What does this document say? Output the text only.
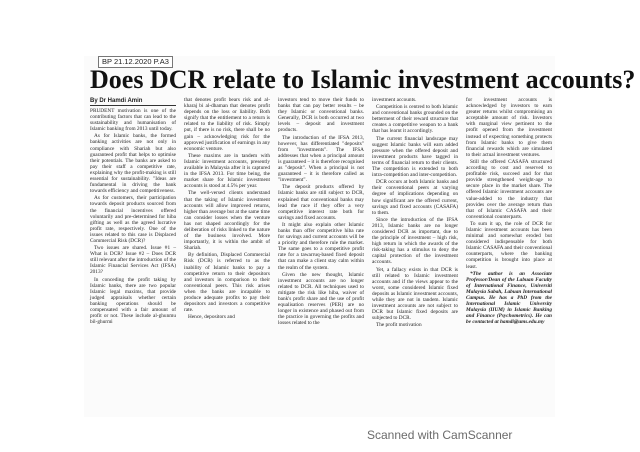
BP 21.12.2020 P.A3
Does DCR relate to Islamic investment accounts?
By Dr Hamdi Amin

PRUDENT motivation is one of the contributing factors that can lead to the sustainability and humanisation of Islamic banking from 2013 until today.

As for Islamic banks, the formed banking activities are not only in compliance with Shariah but also guaranteed profit that helps to optimise their potentials. The banks are asked to pay their staff a competitive rate, explaining why the profit-making is still essential for sustainability. "Ideas are fundamental in driving the bank towards efficiency and competitiveness.

As for customers, their participation towards deposit products sourced from the financial incentives offered voluntarily and pre-determined for hiba gifting as well as the agreed lucrative profit rate, respectively. One of the issues related to this case is Displaced Commercial Risk (DCR)?

Two issues are shared. Issue #1 – What is DCR? Issue #2 – Does DCR still relevant after the introduction of the Islamic Financial Services Act (IFSA) 2013?

In conceding the profit taking by Islamic banks, there are two popular Islamic legal maxims, that provide judged appraisals whether certain banking operations should be compensated with a fair amount of profit or not. These include al-ghunmu bil-ghurmi

that denotes profit bears risk and al-kharaj bi al-dhaman that denotes profit depends on the loss or liability. Both signify that the entitlement to a return is related to the liability of risk. Simply put, if there is no risk, there shall be no gain – acknowledging risk for the approved justification of earnings in any economic venture.

These maxims are in tandem with Islamic investment accounts, presently available in Malaysia after it is captured in the IFSA 2013. For time being, the market share for Islamic investment accounts is stood at 4.5% per year.

The well-versed clients understand that the taking of Islamic investment accounts will allow improved returns, higher than average but at the same time can consider losses when the venture has not shaped accordingly for the deliberation of risks linked to the nature of the business involved. More importantly, it is within the ambit of Shariah.

By definition, Displaced Commercial Risk (DCR) is referred to as the inability of Islamic banks to pay a competitive return to their depositors and investors in comparison to their conventional peers. This risk arises when the banks are incapable to produce adequate profits to pay their depositors and investors a competitive rate.

Hence, depositors and

investors tend to move their funds to banks that can pay better results – be they Islamic or conventional banks. Generally, DCR is both occurred at two levels – deposit and investment products.

The introduction of the IFSA 2013, however, has differentiated "deposits" from "investments". The IFSA addresses that when a principal amount is guaranteed – it is therefore recognised as "deposit". When a principal is not guaranteed – it is therefore called as "investment".

The deposit products offered by Islamic banks are still subject to DCR, explained that conventional banks may lead the race if they offer a very competitive interest rate both for savings and fixed accounts.

It might also explain other Islamic banks than offer competitive hiba rate for savings and current accounts will be a priority and therefore rule the market. The same goes to a competitive profit rate for a tawarruq-based fixed deposit that can make a client stay calm within the realm of the system.

Given the new thought, Islamic investment accounts are no longer related to DCR. All techniques used to mitigate the risk like hiba, waiver of bank's profit share and the use of profit equalisation reserves (PER) are no longer in existence and phased out from the practice in governing the profits and losses related to the

investment accounts.

Competition is centred to both Islamic and conventional banks grounded on the betterment of their reward structure that creates a competitive weapon to a bank that has learnt it accordingly.

The current financial landscape may suggest Islamic banks will earn added pressure when the offered deposit and investment products have tagged in terms of financial return to their clients. The competition is extended to both intra-competition and inter-competition.

DCR occurs at both Islamic banks and their conventional peers at varying degree of implications depending on how significant are the offered current, savings and fixed accounts (CASAFA) to them.

Since the introduction of the IFSA 2013, Islamic banks are no longer considered DCR as important, due to the principle of investment – high risk, high return in which the awards of the risk-taking has a stimulus to deny the capital protection of the investment accounts.

Yet, a fallacy exists in that DCR is still related to Islamic investment accounts and if the views appear to the worst, some considered Islamic fixed deposits as Islamic investment accounts, while they are not in tandem. Islamic investment accounts are not subject to DCR but Islamic fixed deposits are subjected to DCR.

The profit motivation

for investment accounts is acknowledged by investors to earn greater returns whilst compromising an acceptable amount of risk. Investors with marginal view pertinent to the profit opened from the investment instead of expecting something protects from Islamic banks to give them financial rewards which are simulated to their actual investment ventures.

Still the offered CASAFA structured according to cost and reserved to profitable risk, succeed and for that provide strengthened weight-age to secure place in the market share. The offered Islamic investment accounts are value-added to the industry that provides over the average return than that of Islamic CASAFA and their conventional counterparts.

To sum it up, the role of DCR for Islamic investment accounts has been minimal and somewhat eroded but considered indispensable for both Islamic CASAFA and their conventional counterparts, where the banking competition is brought into place at least.

*The author is an Associate Professor/Dean of the Labuan Faculty of International Finance, Universiti Malaysia Sabah, Labuan International Campus. He has a PhD from the International Islamic University Malaysia (IIUM) in Islamic Banking and Finance (Psychometrics). He can be contacted at hamdi@ums.edu.my

Scanned with CamScanner
